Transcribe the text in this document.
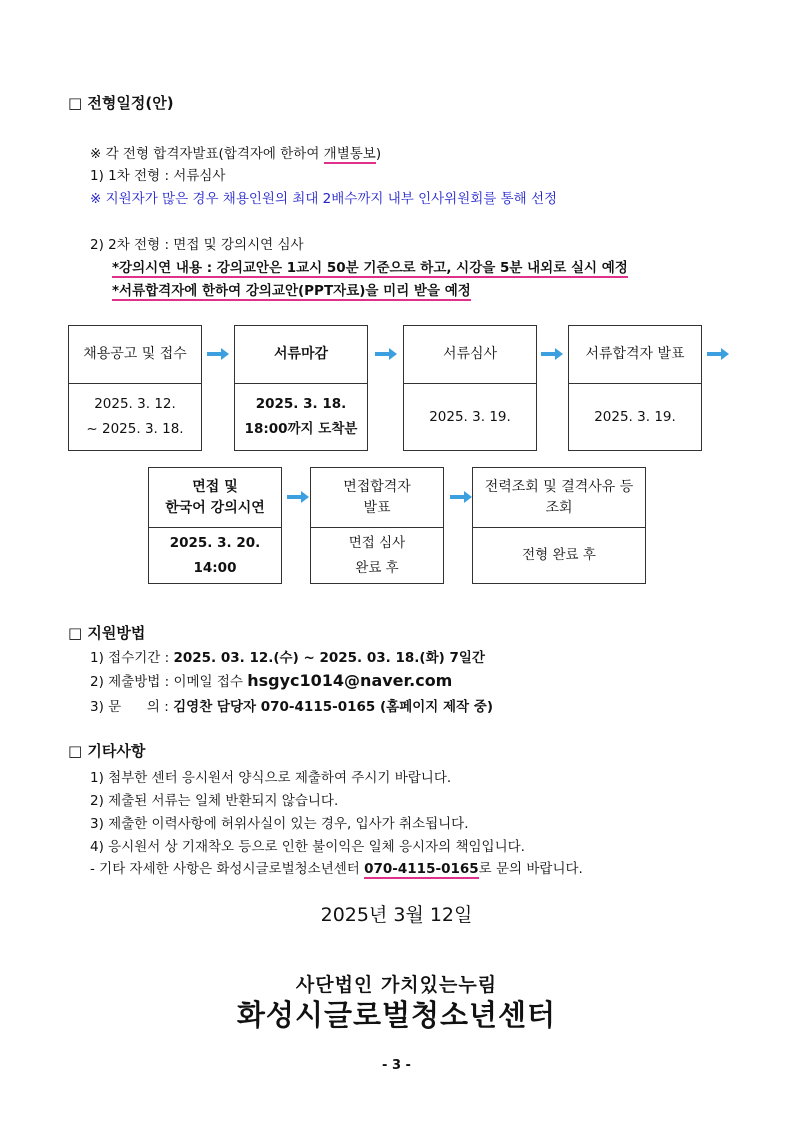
□ 전형일정(안)
※ 각 전형 합격자발표(합격자에 한하여 개별통보)
1) 1차 전형 : 서류심사
※ 지원자가 많은 경우 채용인원의 최대 2배수까지 내부 인사위원회를 통해 선정
2) 2차 전형 : 면접 및 강의시연 심사
*강의시연 내용 : 강의교안은 1교시 50분 기준으로 하고, 시강을 5분 내외로 실시 예정
*서류합격자에 한하여 강의교안(PPT자료)을 미리 받을 예정
채용공고 및 접수
2025. 3. 12.
~ 2025. 3. 18.
서류마감
2025. 3. 18.
18:00까지 도착분
서류심사
2025. 3. 19.
서류합격자 발표
2025. 3. 19.
면접 및
한국어 강의시연
2025. 3. 20.
14:00
면접합격자
발표
면접 심사
완료 후
전력조회 및 결격사유 등
조회
전형 완료 후
□ 지원방법
1) 접수기간 : 2025. 03. 12.(수) ~ 2025. 03. 18.(화) 7일간
2) 제출방법 : 이메일 접수 hsgyc1014@naver.com
3) 문      의 : 김영찬 담당자 070-4115-0165 (홈페이지 제작 중)
□ 기타사항
1) 첨부한 센터 응시원서 양식으로 제출하여 주시기 바랍니다.
2) 제출된 서류는 일체 반환되지 않습니다.
3) 제출한 이력사항에 허위사실이 있는 경우, 입사가 취소됩니다.
4) 응시원서 상 기재착오 등으로 인한 불이익은 일체 응시자의 책임입니다.
- 기타 자세한 사항은 화성시글로벌청소년센터 070-4115-0165로 문의 바랍니다.
2025년 3월 12일
사단법인 가치있는누림
화성시글로벌청소년센터
- 3 -
